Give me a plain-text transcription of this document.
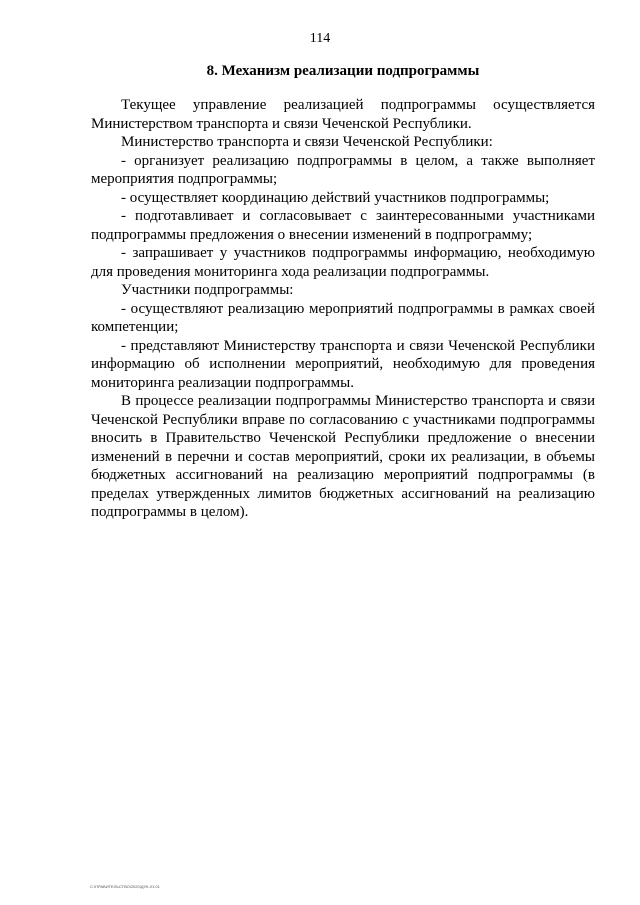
114
8. Механизм реализации подпрограммы

Текущее управление реализацией подпрограммы осуществляется Министерством транспорта и связи Чеченской Республики.

Министерство транспорта и связи Чеченской Республики:

- организует реализацию подпрограммы в целом, а также выполняет мероприятия подпрограммы;

- осуществляет координацию действий участников подпрограммы;

- подготавливает и согласовывает с заинтересованными участниками подпрограммы предложения о внесении изменений в подпрограмму;

- запрашивает у участников подпрограммы информацию, необходимую для проведения мониторинга хода реализации подпрограммы.

Участники подпрограммы:

- осуществляют реализацию мероприятий подпрограммы в рамках своей компетенции;

- представляют Министерству транспорта и связи Чеченской Республики информацию об исполнении мероприятий, необходимую для проведения мониторинга реализации подпрограммы.

В процессе реализации подпрограммы Министерство транспорта и связи Чеченской Республики вправе по согласованию с участниками подпрограммы вносить в Правительство Чеченской Республики предложение о внесении изменений в перечни и состав мероприятий, сроки их реализации, в объемы бюджетных ассигнований на реализацию мероприятий подпрограммы (в пределах утвержденных лимитов бюджетных ассигнований на реализацию подпрограммы в целом).

С:\ПРАВИТЕЛЬСТВО\2020\ДУК-01.01
